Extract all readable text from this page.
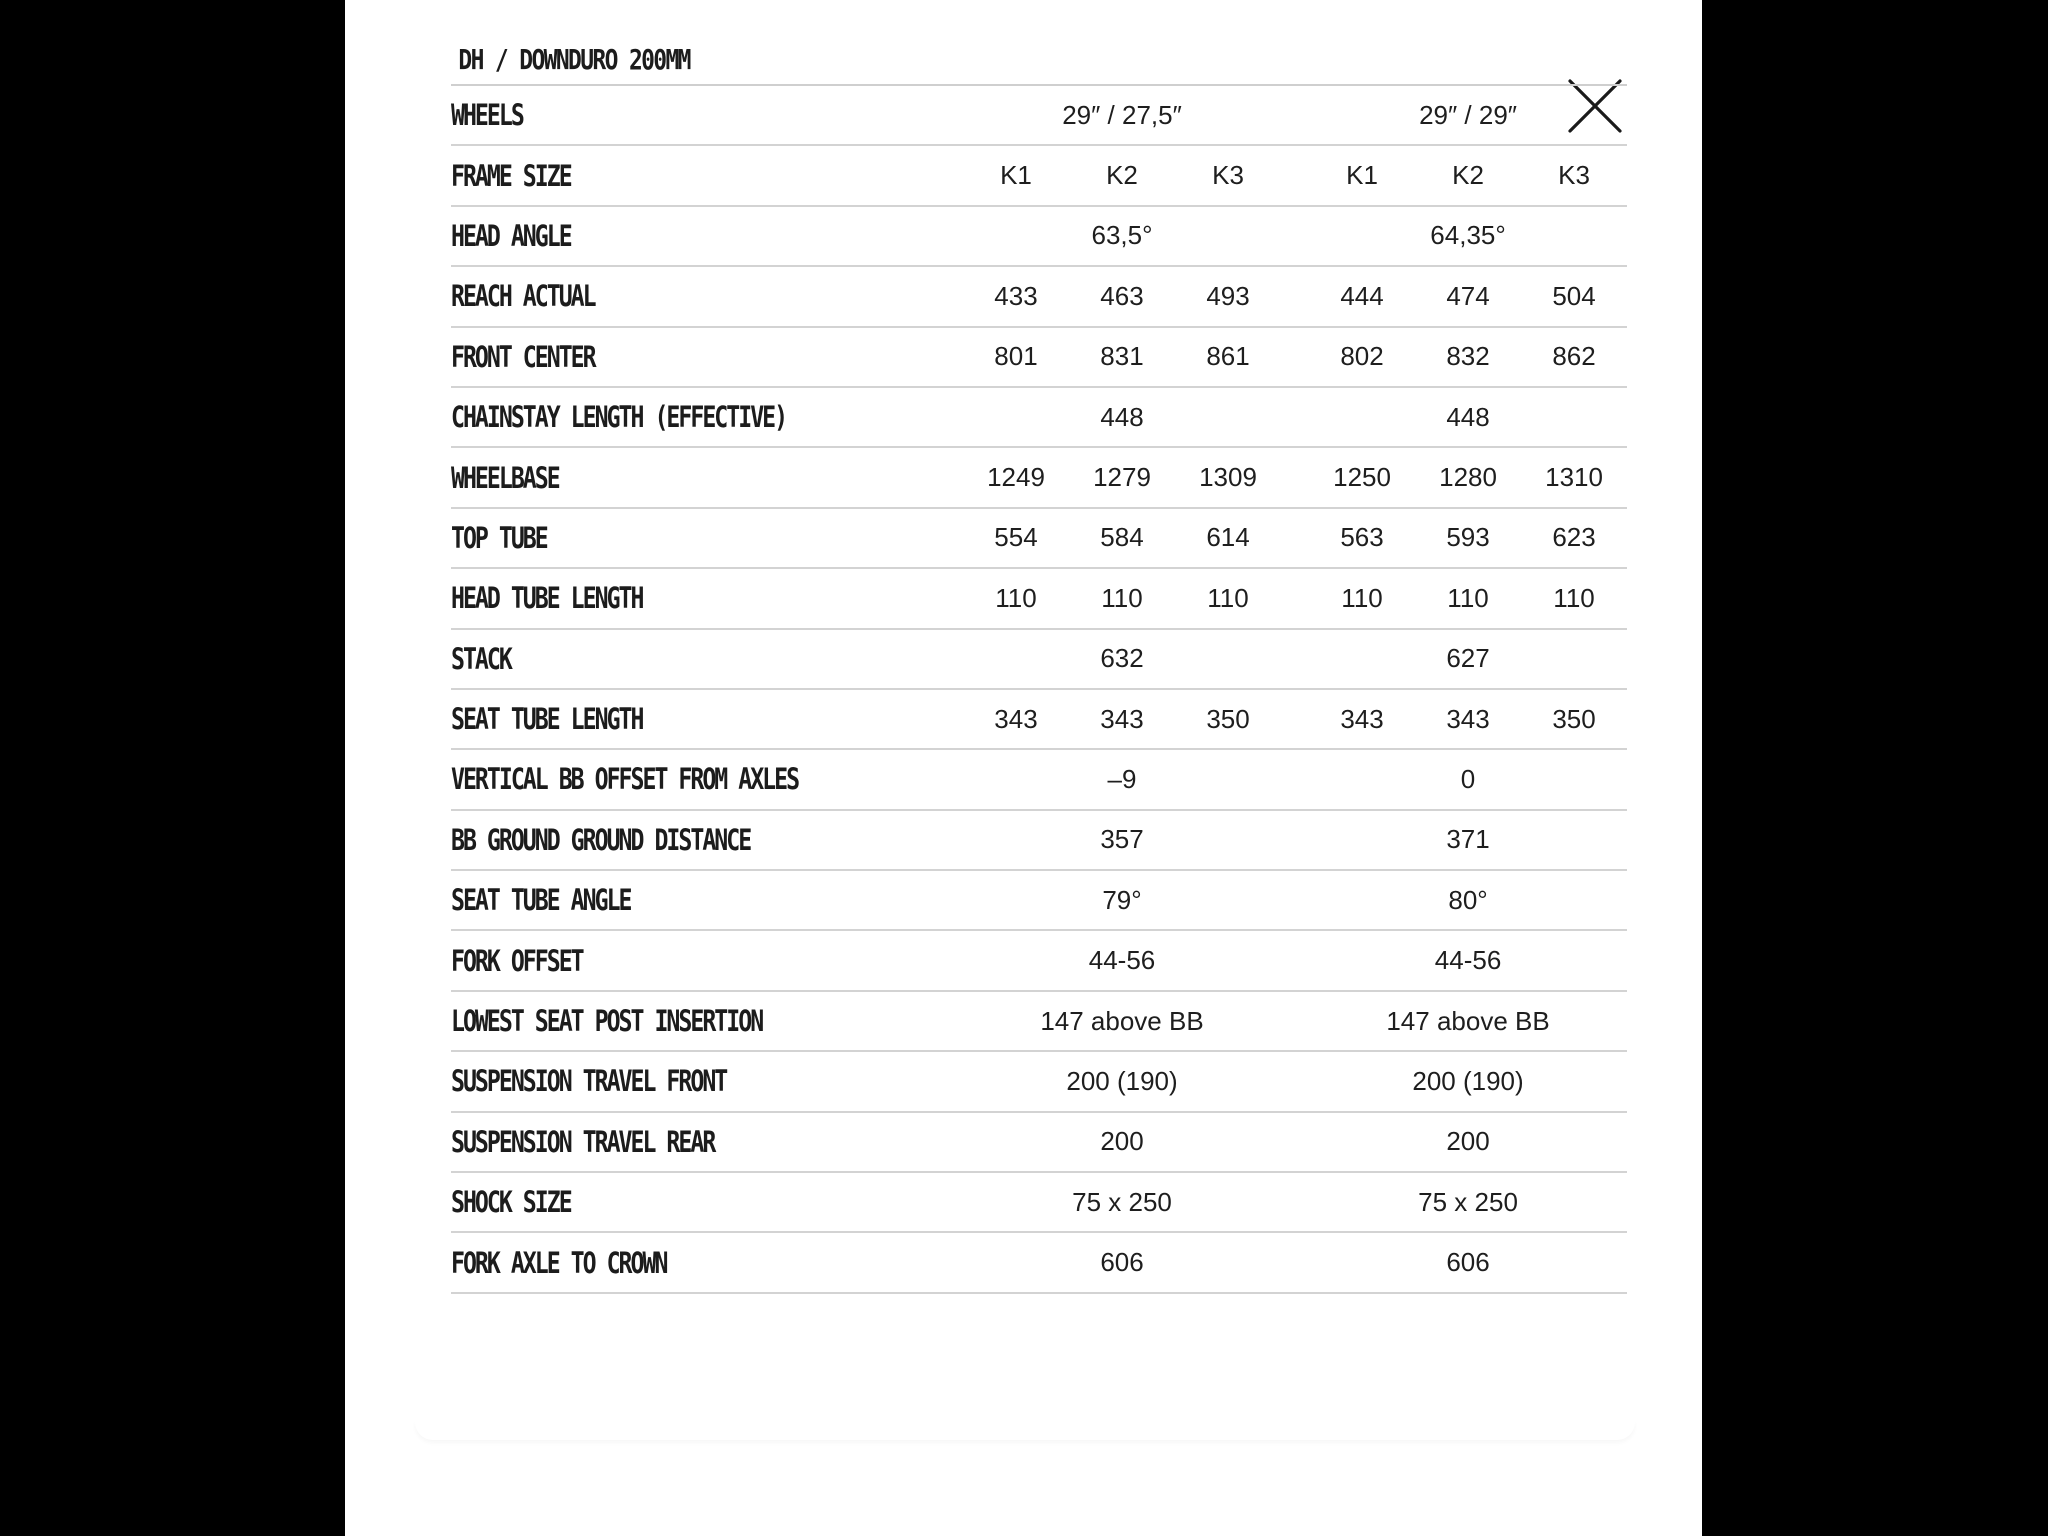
DH / DOWNDURO 200MM
WHEELS	29″ / 27,5″				29″ / 29″		
FRAME SIZE	K1	K2	K3		K1	K2	K3
HEAD ANGLE	63,5°				64,35°		
REACH ACTUAL	433	463	493		444	474	504
FRONT CENTER	801	831	861		802	832	862
CHAINSTAY LENGTH (EFFECTIVE)	448				448		
WHEELBASE	1249	1279	1309		1250	1280	1310
TOP TUBE	554	584	614		563	593	623
HEAD TUBE LENGTH	110	110	110		110	110	110
STACK	632				627		
SEAT TUBE LENGTH	343	343	350		343	343	350
VERTICAL BB OFFSET FROM AXLES	–9				0		
BB GROUND GROUND DISTANCE	357				371		
SEAT TUBE ANGLE	79°				80°		
FORK OFFSET	44-56				44-56		
LOWEST SEAT POST INSERTION	147 above BB				147 above BB		
SUSPENSION TRAVEL FRONT	200 (190)				200 (190)		
SUSPENSION TRAVEL REAR	200				200		
SHOCK SIZE	75 x 250				75 x 250		
FORK AXLE TO CROWN	606				606		
